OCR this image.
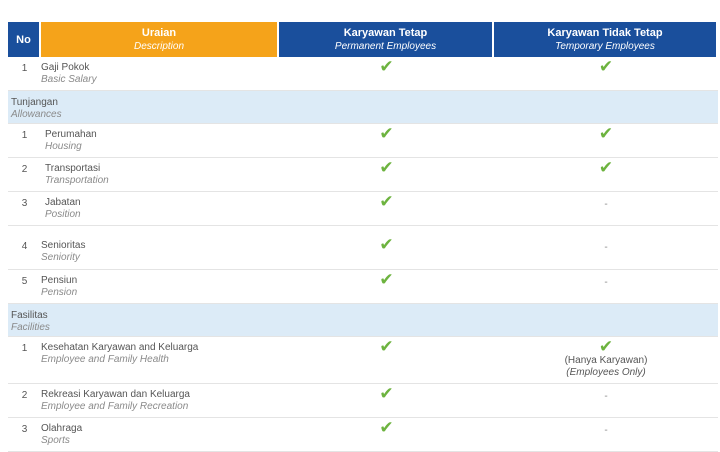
No
Uraian
Description
Karyawan Tetap
Permanent Employees
Karyawan Tidak Tetap
Temporary Employees
1	Gaji Pokok
Basic Salary
✔	✔
Tunjangan
Allowances
1	Perumahan
Housing
✔	✔
2	Transportasi
Transportation
✔	✔
3	Jabatan
Position
✔	-
4	Senioritas
Seniority
✔	-
5	Pensiun
Pension
✔	-
Fasilitas
Facilities
1	Kesehatan Karyawan and Keluarga
Employee and Family Health
✔	✔
(Hanya Karyawan)
(Employees Only)
2	Rekreasi Karyawan dan Keluarga
Employee and Family Recreation
✔	-
3	Olahraga
Sports
✔	-
